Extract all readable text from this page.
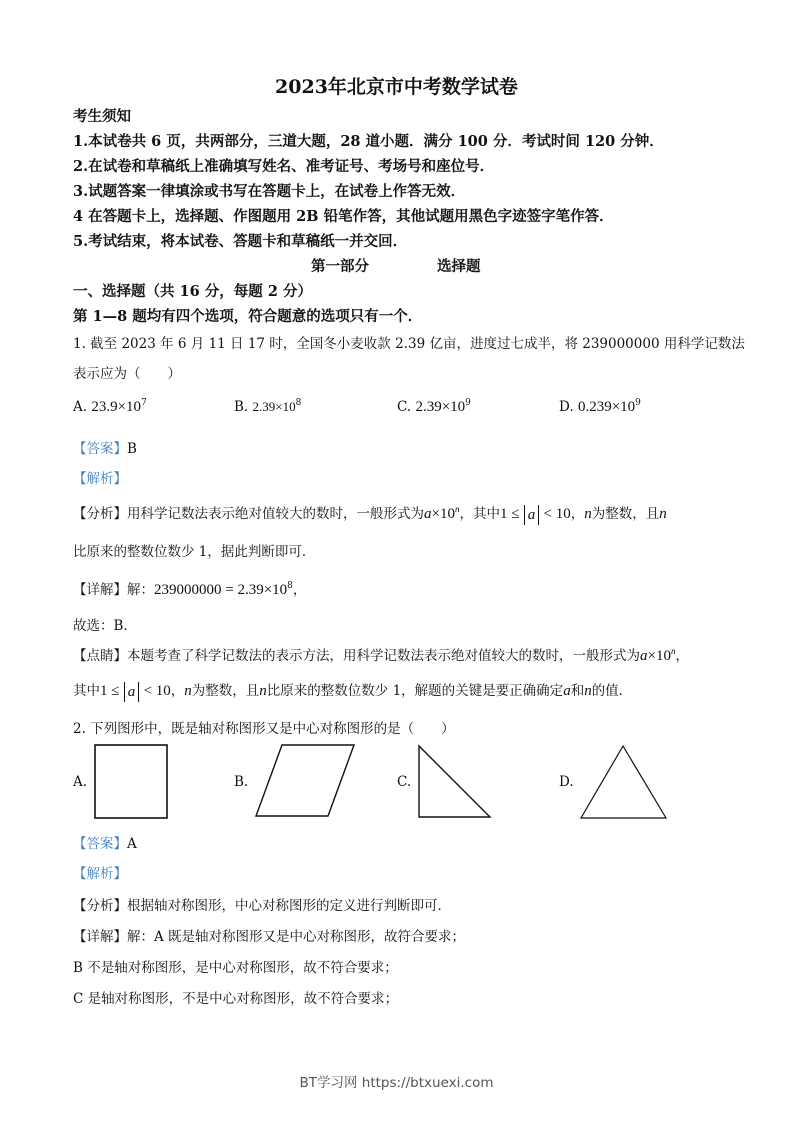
2023年北京市中考数学试卷
考生须知
1.本试卷共 6 页，共两部分，三道大题，28 道小题．满分 100 分．考试时间 120 分钟．
2.在试卷和草稿纸上准确填写姓名、准考证号、考场号和座位号．
3.试题答案一律填涂或书写在答题卡上，在试卷上作答无效．
4 在答题卡上，选择题、作图题用 2B 铅笔作答，其他试题用黑色字迹签字笔作答．
5.考试结束，将本试卷、答题卡和草稿纸一并交回．
第一部分	选择题
一、选择题（共 16 分，每题 2 分）
第 1—8 题均有四个选项，符合题意的选项只有一个．
1. 截至 2023 年 6 月 11 日 17 时，全国冬小麦收款 2.39 亿亩，进度过七成半，将 239000000 用科学记数法
表示应为（　　）
A. $23.9\times 10^7$	B. $2.39\times 10^8$	C. $2.39\times 10^9$	D. $0.239\times 10^9$
【答案】B
【解析】
【分析】用科学记数法表示绝对值较大的数时，一般形式为$a\times 10^n$，其中1 ≤ a < 10，n为整数，且n
比原来的整数位数少 1，据此判断即可．
【详解】解：$239000000 = 2.39\times 10^8$，
故选：B．
【点睛】本题考查了科学记数法的表示方法，用科学记数法表示绝对值较大的数时，一般形式为$a\times 10^n$，
其中1 ≤ a < 10，n为整数，且n比原来的整数位数少 1，解题的关键是要正确确定a和n的值．
2. 下列图形中，既是轴对称图形又是中心对称图形的是（　　）
A.	B.	C.	D.
【答案】A
【解析】
【分析】根据轴对称图形，中心对称图形的定义进行判断即可．
【详解】解：A 既是轴对称图形又是中心对称图形，故符合要求；
B 不是轴对称图形，是中心对称图形，故不符合要求；
C 是轴对称图形，不是中心对称图形，故不符合要求；
BT学习网 https://btxuexi.com
